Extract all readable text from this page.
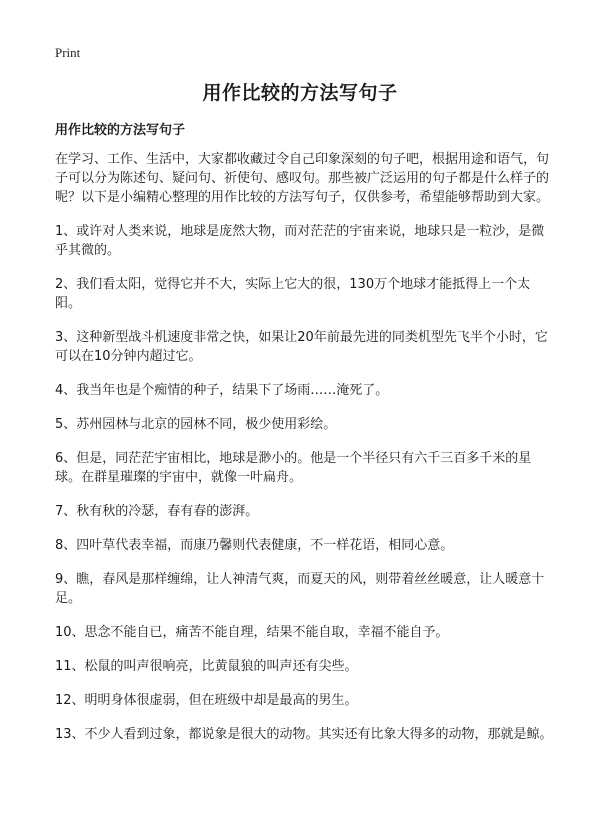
Print
用作比较的方法写句子
用作比较的方法写句子

在学习、工作、生活中，大家都收藏过令自己印象深刻的句子吧，根据用途和语气，句子可以分为陈述句、疑问句、祈使句、感叹句。那些被广泛运用的句子都是什么样子的呢？以下是小编精心整理的用作比较的方法写句子，仅供参考，希望能够帮助到大家。

1、或许对人类来说，地球是庞然大物，而对茫茫的宇宙来说，地球只是一粒沙，是微乎其微的。

2、我们看太阳，觉得它并不大，实际上它大的很，130万个地球才能抵得上一个太阳。

3、这种新型战斗机速度非常之快，如果让20年前最先进的同类机型先飞半个小时，它可以在10分钟内超过它。

4、我当年也是个痴情的种子，结果下了场雨……淹死了。

5、苏州园林与北京的园林不同，极少使用彩绘。

6、但是，同茫茫宇宙相比，地球是渺小的。他是一个半径只有六千三百多千米的星球。在群星璀璨的宇宙中，就像一叶扁舟。

7、秋有秋的冷瑟，春有春的澎湃。

8、四叶草代表幸福，而康乃馨则代表健康，不一样花语，相同心意。

9、瞧，春风是那样缠绵，让人神清气爽，而夏天的风，则带着丝丝暖意，让人暖意十足。

10、思念不能自已，痛苦不能自理，结果不能自取，幸福不能自予。

11、松鼠的叫声很响亮，比黄鼠狼的叫声还有尖些。

12、明明身体很虚弱，但在班级中却是最高的男生。

13、不少人看到过象，都说象是很大的动物。其实还有比象大得多的动物，那就是鲸。
